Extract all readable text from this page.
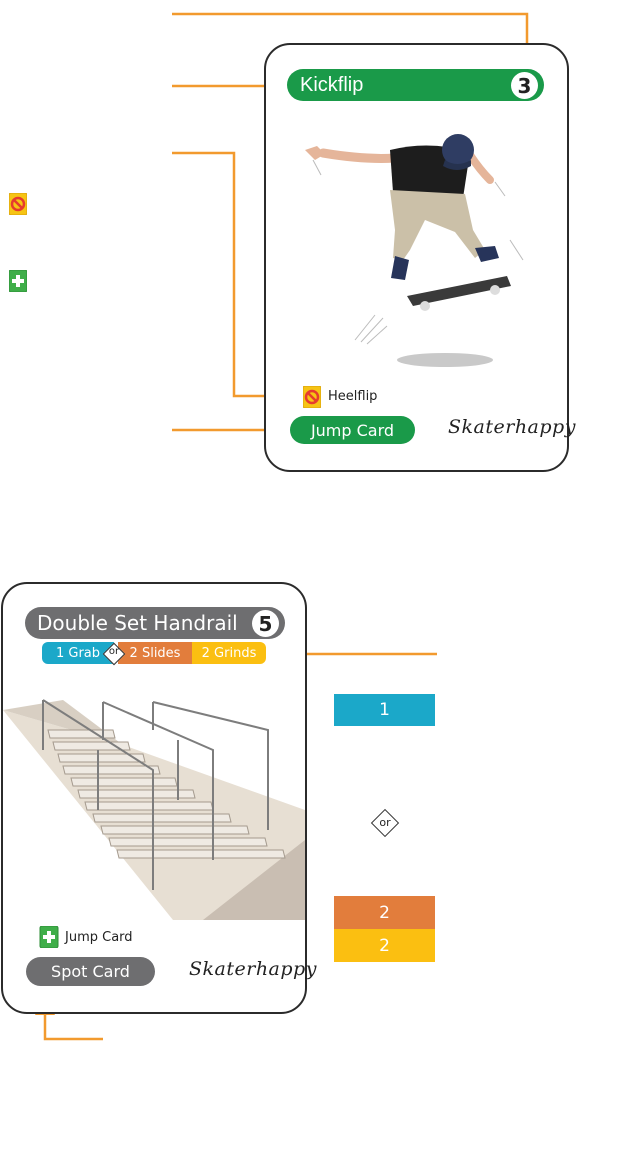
Kickflip	3
Heelflip
Jump Card	Skaterhappy
Double Set Handrail	5
1 Grab 2 Slides 2 Grinds
or
Jump Card
Spot Card	Skaterhappy
1
or
2
2
